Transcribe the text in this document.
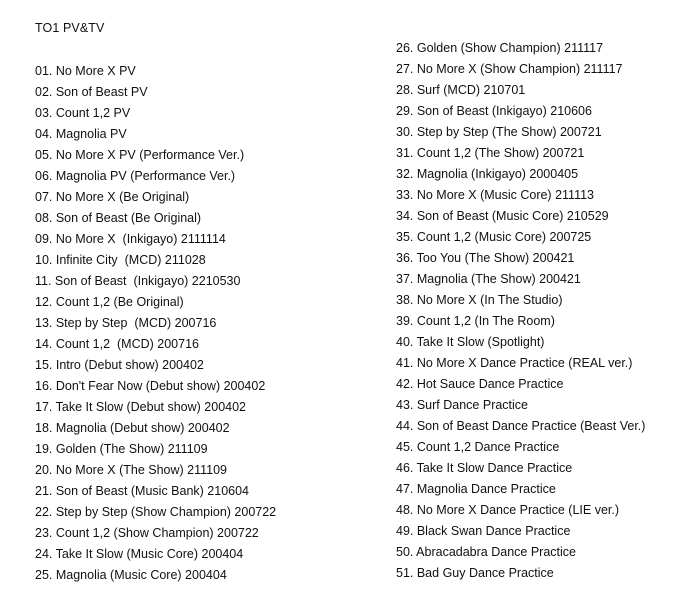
TO1 PV&TV
01. No More X PV
02. Son of Beast PV
03. Count 1,2 PV
04. Magnolia PV
05. No More X PV (Performance Ver.)
06. Magnolia PV (Performance Ver.)
07. No More X (Be Original)
08. Son of Beast (Be Original)
09. No More X  (Inkigayo) 2111114
10. Infinite City  (MCD) 211028
11. Son of Beast  (Inkigayo) 2210530
12. Count 1,2 (Be Original)
13. Step by Step  (MCD) 200716
14. Count 1,2  (MCD) 200716
15. Intro (Debut show) 200402
16. Don't Fear Now (Debut show) 200402
17. Take It Slow (Debut show) 200402
18. Magnolia (Debut show) 200402
19. Golden (The Show) 211109
20. No More X (The Show) 211109
21. Son of Beast (Music Bank) 210604
22. Step by Step (Show Champion) 200722
23. Count 1,2 (Show Champion) 200722
24. Take It Slow (Music Core) 200404
25. Magnolia (Music Core) 200404
26. Golden (Show Champion) 211117
27. No More X (Show Champion) 211117
28. Surf (MCD) 210701
29. Son of Beast (Inkigayo) 210606
30. Step by Step (The Show) 200721
31. Count 1,2 (The Show) 200721
32. Magnolia (Inkigayo) 2000405
33. No More X (Music Core) 211113
34. Son of Beast (Music Core) 210529
35. Count 1,2 (Music Core) 200725
36. Too You (The Show) 200421
37. Magnolia (The Show) 200421
38. No More X (In The Studio)
39. Count 1,2 (In The Room)
40. Take It Slow (Spotlight)
41. No More X Dance Practice (REAL ver.)
42. Hot Sauce Dance Practice
43. Surf Dance Practice
44. Son of Beast Dance Practice (Beast Ver.)
45. Count 1,2 Dance Practice
46. Take It Slow Dance Practice
47. Magnolia Dance Practice
48. No More X Dance Practice (LIE ver.)
49. Black Swan Dance Practice
50. Abracadabra Dance Practice
51. Bad Guy Dance Practice
